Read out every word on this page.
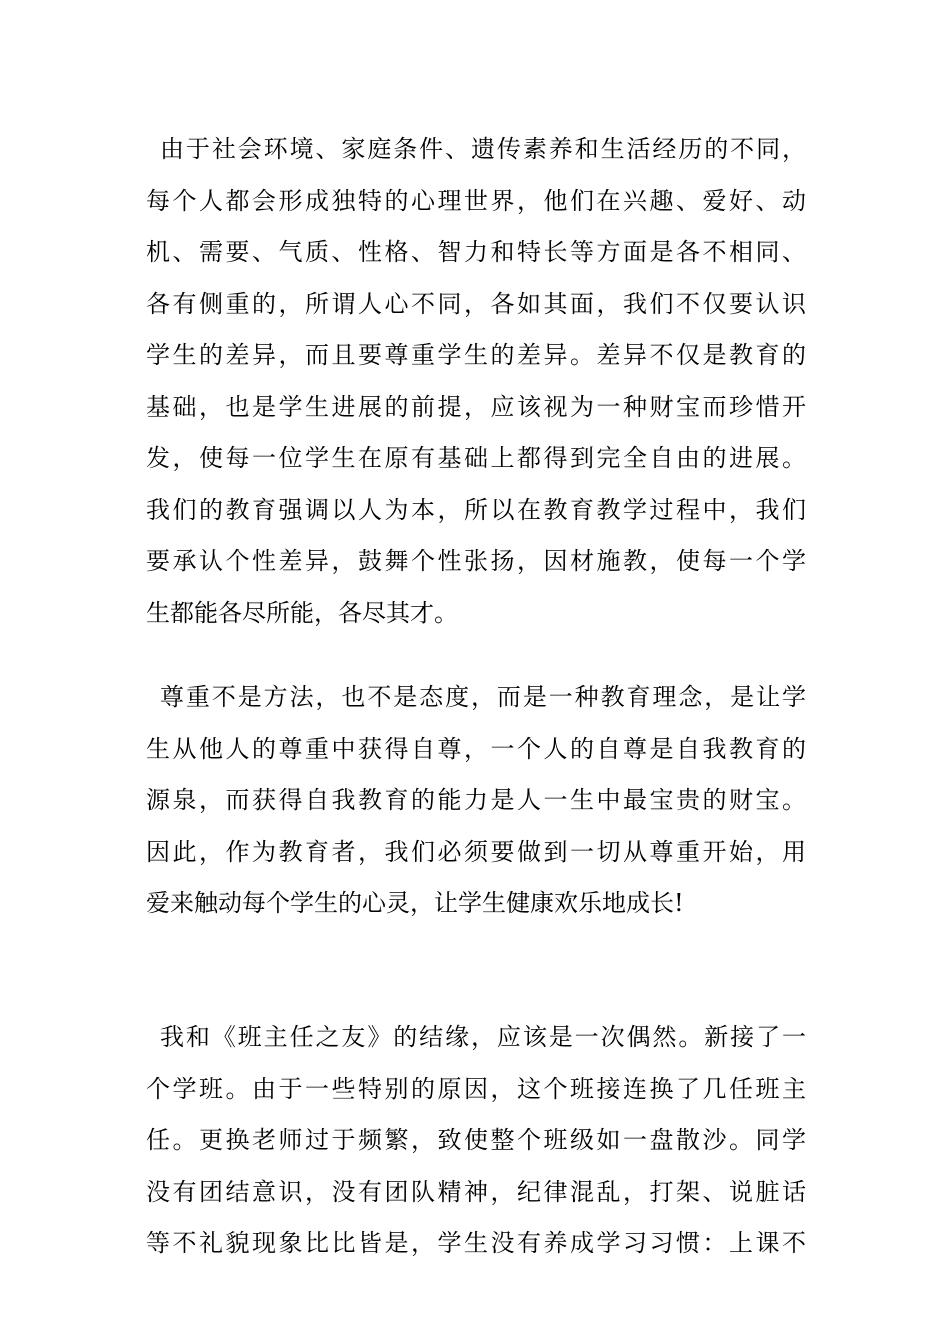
由于社会环境、家庭条件、遗传素养和生活经历的不同，
每个人都会形成独特的心理世界，他们在兴趣、爱好、动
机、需要、气质、性格、智力和特长等方面是各不相同、
各有侧重的，所谓人心不同，各如其面，我们不仅要认识
学生的差异，而且要尊重学生的差异。差异不仅是教育的
基础，也是学生进展的前提，应该视为一种财宝而珍惜开
发，使每一位学生在原有基础上都得到完全自由的进展。
我们的教育强调以人为本，所以在教育教学过程中，我们
要承认个性差异，鼓舞个性张扬，因材施教，使每一个学
生都能各尽所能，各尽其才。
尊重不是方法，也不是态度，而是一种教育理念，是让学
生从他人的尊重中获得自尊，一个人的自尊是自我教育的
源泉，而获得自我教育的能力是人一生中最宝贵的财宝。
因此，作为教育者，我们必须要做到一切从尊重开始，用
爱来触动每个学生的心灵，让学生健康欢乐地成长!
我和《班主任之友》的结缘，应该是一次偶然。新接了一
个学班。由于一些特别的原因，这个班接连换了几任班主
任。更换老师过于频繁，致使整个班级如一盘散沙。同学
没有团结意识，没有团队精神，纪律混乱，打架、说脏话
等不礼貌现象比比皆是，学生没有养成学习习惯：上课不
